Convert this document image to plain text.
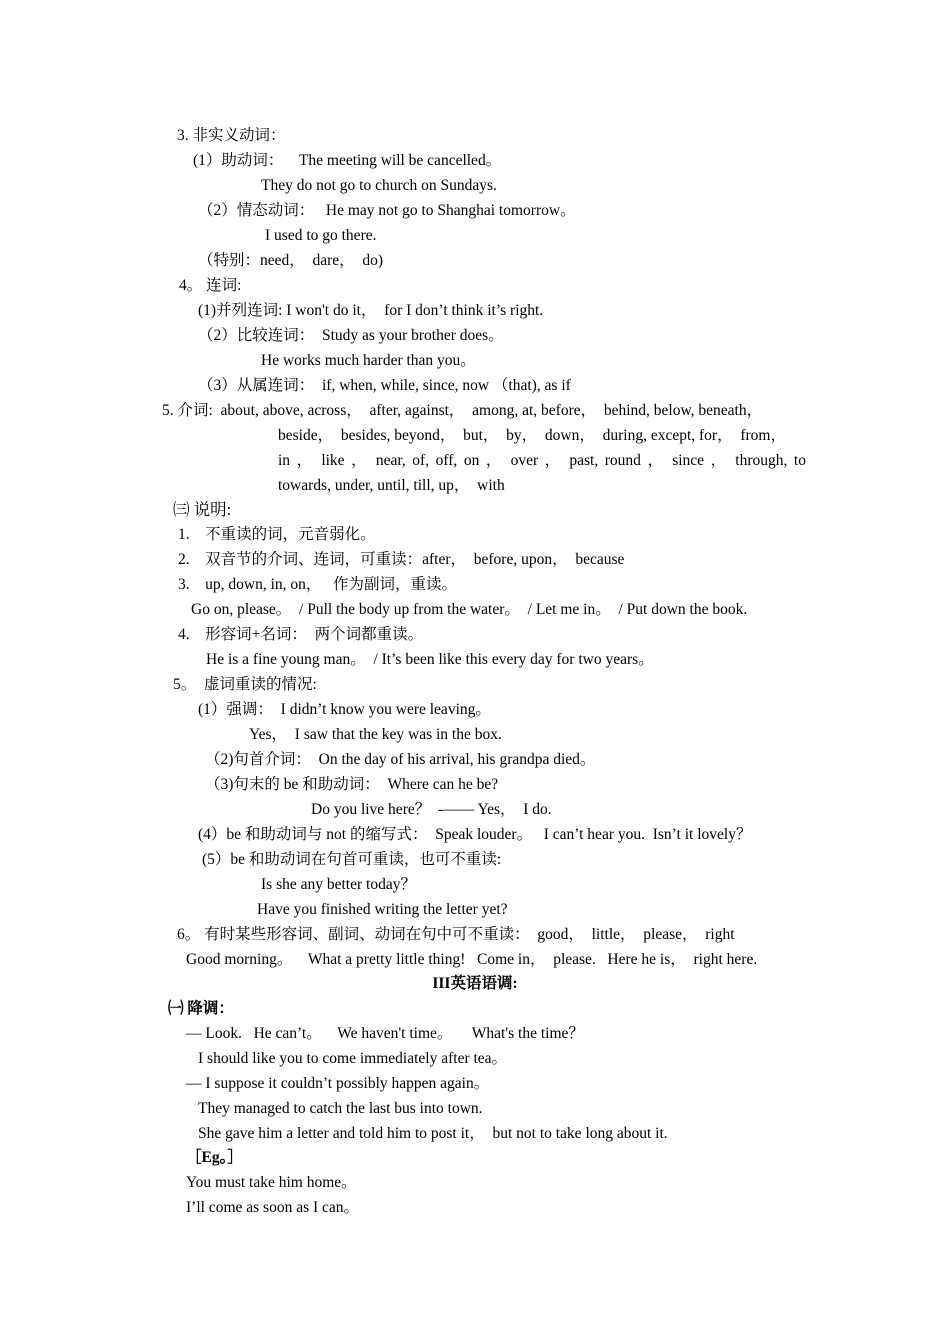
3. 非实义动词：
(1）助动词：    The meeting will be cancelled。
They do not go to church on Sundays.
（2）情态动词：   He may not go to Shanghai tomorrow。
I used to go there.
（特别：need，  dare，  do)
4。 连词:
(1)并列连词: I won't do it，  for I don’t think it’s right.
（2）比较连词：  Study as your brother does。
He works much harder than you。
（3）从属连词：  if, when, while, since, now （that), as if
5. 介词:  about, above, across，  after, against，  among, at, before，  behind, below, beneath，
beside，  besides, beyond，  but，  by，  down，  during, except, for，  from，
in ， like ， near, of, off, on ， over ， past, round ， since ， through, to
towards, under, until, till, up，  with
㈢ 说明:
1.    不重读的词，元音弱化。
2.    双音节的介词、连词，可重读：after，  before, upon，  because
3.    up, down, in, on，   作为副词，重读。
Go on, please。  / Pull the body up from the water。  / Let me in。  / Put down the book.
4.    形容词+名词：  两个词都重读。
He is a fine young man。  / It’s been like this every day for two years。
5。  虚词重读的情况:
(1）强调：  I didn’t know you were leaving。
Yes，  I saw that the key was in the box.
（2)句首介词：  On the day of his arrival, his grandpa died。
（3)句末的 be 和助动词：  Where can he be?
Do you live here？  -—— Yes，  I do.
(4）be 和助动词与 not 的缩写式：  Speak louder。   I can’t hear you.  Isn’t it lovely？
(5）be 和助动词在句首可重读，也可不重读:
Is she any better today？
Have you finished writing the letter yet?
6。 有时某些形容词、副词、动词在句中可不重读：  good，  little，  please，  right
Good morning。    What a pretty little thing!   Come in，  please.   Here he is，  right here.
III英语语调:
㈠ 降调：
— Look.   He can’t。    We haven't time。     What's the time？
I should like you to come immediately after tea。
— I suppose it couldn’t possibly happen again。
They managed to catch the last bus into town.
She gave him a letter and told him to post it，  but not to take long about it.
［Eg。］
You must take him home。
I’ll come as soon as I can。
